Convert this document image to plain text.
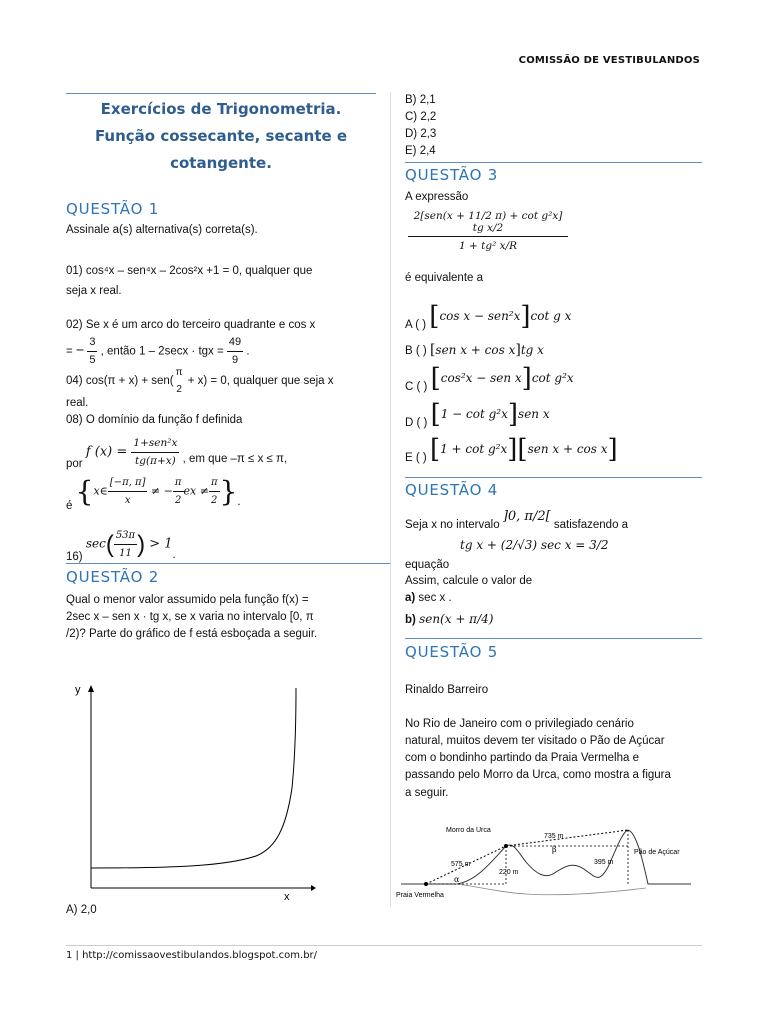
COMISSÃO DE VESTIBULANDOS
Exercícios de Trigonometria.
Função cossecante, secante e
cotangente.
QUESTÃO 1
Assinale a(s) alternativa(s) correta(s).
01) cos⁴x – sen⁴x – 2cos²x +1 = 0, qualquer que
seja x real.
02) Se x é um arco do terceiro quadrante e cos x
= − $\frac{3}{5}$ , então 1 – 2secx · tgx = $\frac{49}{9}$ .
04) cos(π + x) + sen(
π
2
+ x) = 0, qualquer que seja x
real.
08) O domínio da função f definida
por f $(x) = \frac{\text{1+sen²x}}{tg(\pi+x)}$ , em que –π ≤ x ≤ π,
é {x∈ $\frac{[-\pi, \pi]}{x}$ ≠ − $\frac{\pi}{2}$ ex ≠ $\frac{\pi}{2}$ }.
16) $\sec( \frac{53\pi}{11}$ ) > 1.
QUESTÃO 2
Qual o menor valor assumido pela função f(x) =
2sec x – sen x · tg x, se x varia no intervalo [0, π
/2)? Parte do gráfico de f está esboçada a seguir.
y
x
A) 2,0
B) 2,1
C) 2,2
D) 2,3
E) 2,4
QUESTÃO 3
A expressão
2[sen(x + 11/2 π) + cot g²x] tg x/2
1 + tg² x/R
é equivalente a
A ( ) [cos x − sen²x]cot g x
B ( ) [sen x + cos x]tg x
C ( ) [cos²x − sen x]cot g²x
D ( ) [1 − cot g²x]sen x
E ( ) [1 + cot g²x][sen x + cos x]
QUESTÃO 4
Seja x no intervalo ]0, π/2[ satisfazendo a
tg x + (2/√3) sec x = 3/2
equação
Assim, calcule o valor de
a) sec x .
b) sen(x + π/4)
QUESTÃO 5
Rinaldo Barreiro
No Rio de Janeiro com o privilegiado cenário
natural, muitos devem ter visitado o Pão de Açúcar
com o bondinho partindo da Praia Vermelha e
passando pelo Morro da Urca, como mostra a figura
a seguir.
Morro da Urca
Pão de Açúcar
Praia Vermelha
735 m
575 m
220 m
395 m
α
β
1 | http://comissaovestibulandos.blogspot.com.br/
